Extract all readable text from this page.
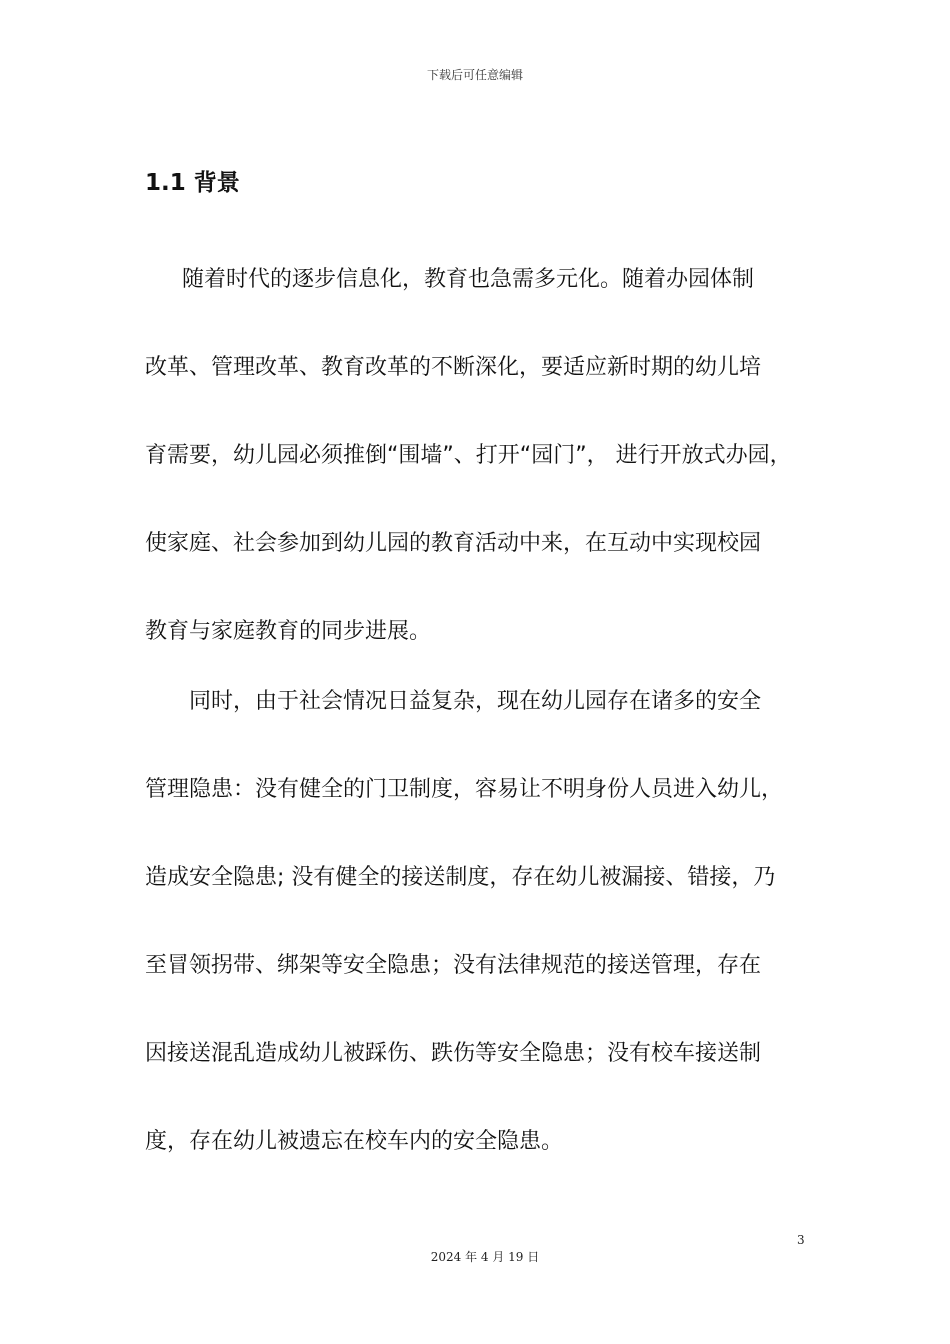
下载后可任意编辑
1.1 背景
随着时代的逐步信息化，教育也急需多元化。随着办园体制
改革、管理改革、教育改革的不断深化，要适应新时期的幼儿培
育需要，幼儿园必须推倒“围墙”、打开“园门”， 进行开放式办园，
使家庭、社会参加到幼儿园的教育活动中来，在互动中实现校园
教育与家庭教育的同步进展。
同时，由于社会情况日益复杂，现在幼儿园存在诸多的安全
管理隐患：没有健全的门卫制度，容易让不明身份人员进入幼儿，
造成安全隐患; 没有健全的接送制度，存在幼儿被漏接、错接，乃
至冒领拐带、绑架等安全隐患；没有法律规范的接送管理，存在
因接送混乱造成幼儿被踩伤、跌伤等安全隐患；没有校车接送制
度，存在幼儿被遗忘在校车内的安全隐患。
3
2024 年 4 月 19 日
